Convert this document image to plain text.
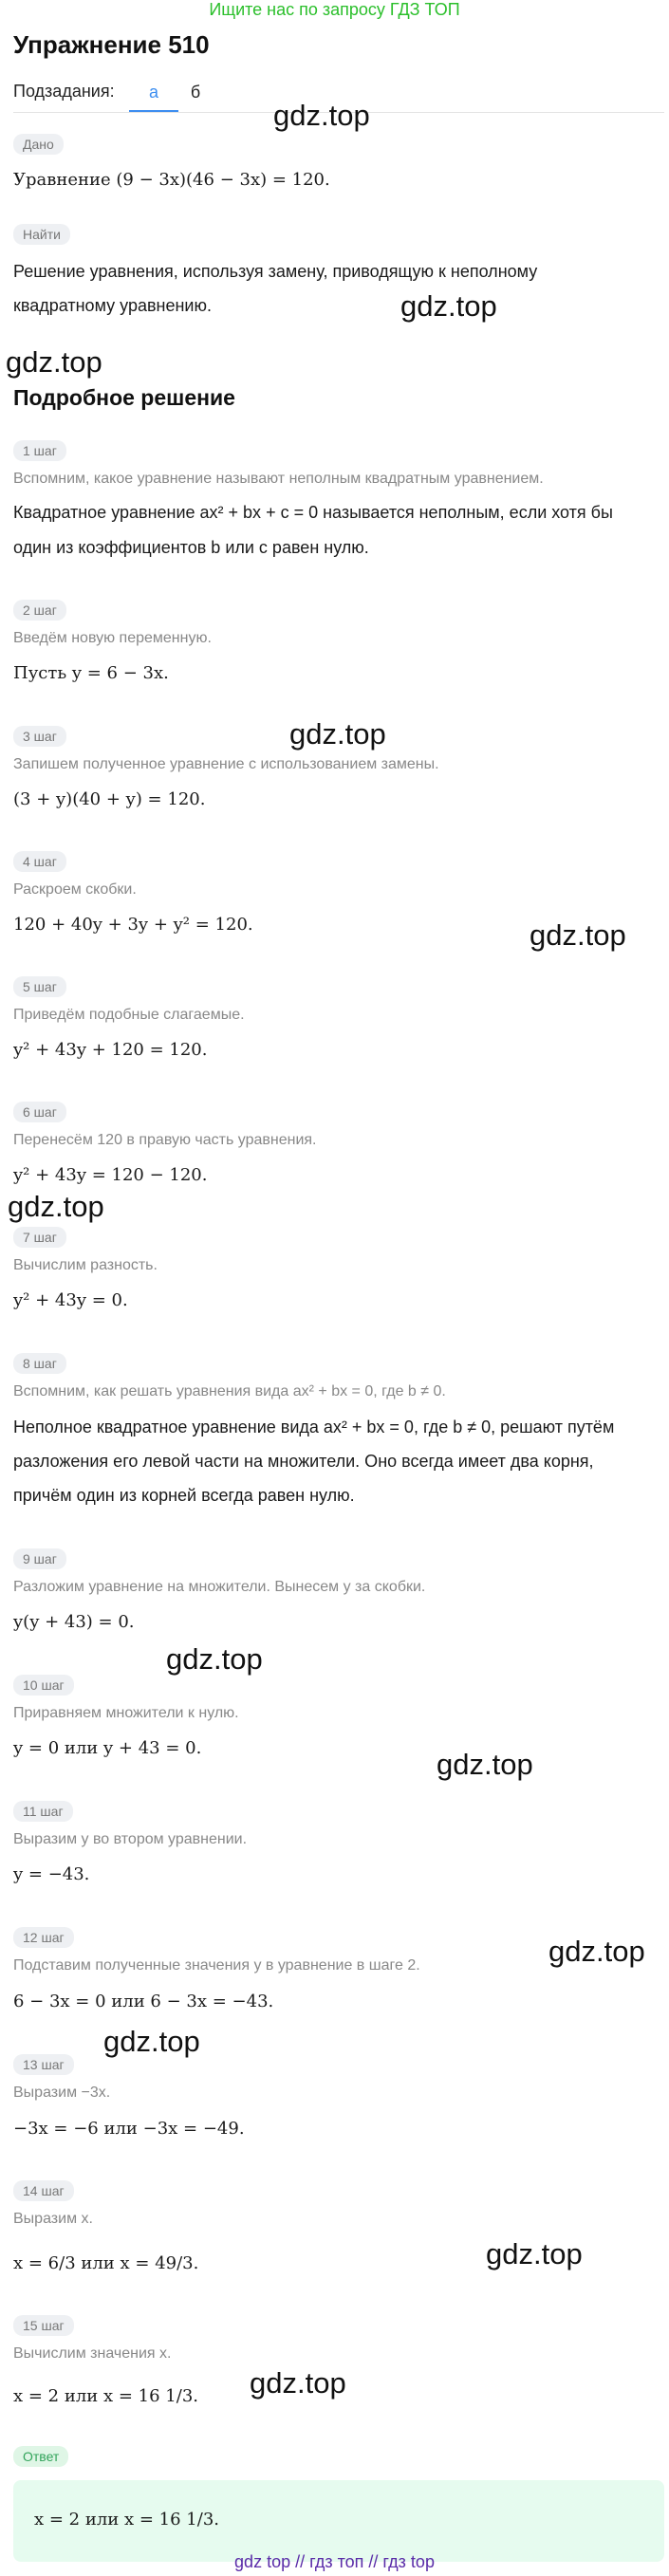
Ищите нас по запросу ГДЗ ТОП
Упражнение 510
Подзадания:	а	б
gdz.top
Дано
Уравнение (9 − 3x)(46 − 3x) = 120.
Найти
Решение уравнения, используя замену, приводящую к неполному
квадратному уравнению.	gdz.top
gdz.top
Подробное решение
1 шаг
Вспомним, какое уравнение называют неполным квадратным уравнением.
Квадратное уравнение ax² + bx + c = 0 называется неполным, если хотя бы
один из коэффициентов b или c равен нулю.
2 шаг
Введём новую переменную.
Пусть y = 6 − 3x.
gdz.top
3 шаг
Запишем полученное уравнение с использованием замены.
(3 + y)(40 + y) = 120.
4 шаг
Раскроем скобки.
120 + 40y + 3y + y² = 120.	gdz.top
5 шаг
Приведём подобные слагаемые.
y² + 43y + 120 = 120.
6 шаг
Перенесём 120 в правую часть уравнения.
y² + 43y = 120 − 120.
gdz.top
7 шаг
Вычислим разность.
y² + 43y = 0.
8 шаг
Вспомним, как решать уравнения вида ax² + bx = 0, где b ≠ 0.
Неполное квадратное уравнение вида ax² + bx = 0, где b ≠ 0, решают путём
разложения его левой части на множители. Оно всегда имеет два корня,
причём один из корней всегда равен нулю.
9 шаг
Разложим уравнение на множители. Вынесем y за скобки.
y(y + 43) = 0.
gdz.top
10 шаг
Приравняем множители к нулю.
y = 0 или y + 43 = 0.	gdz.top
11 шаг
Выразим y во втором уравнении.
y = −43.
12 шаг
Подставим полученные значения y в уравнение в шаге 2.
6 − 3x = 0 или 6 − 3x = −43.
gdz.top
13 шаг
Выразим −3x.
−3x = −6 или −3x = −49.
gdz.top
14 шаг
Выразим x.
x = 6/3 или x = 49/3.	gdz.top
15 шаг
Вычислим значения x.
x = 2 или x = 16 1/3.	gdz.top
Ответ
x = 2 или x = 16 1/3.
gdz top // гдз топ // гдз top
